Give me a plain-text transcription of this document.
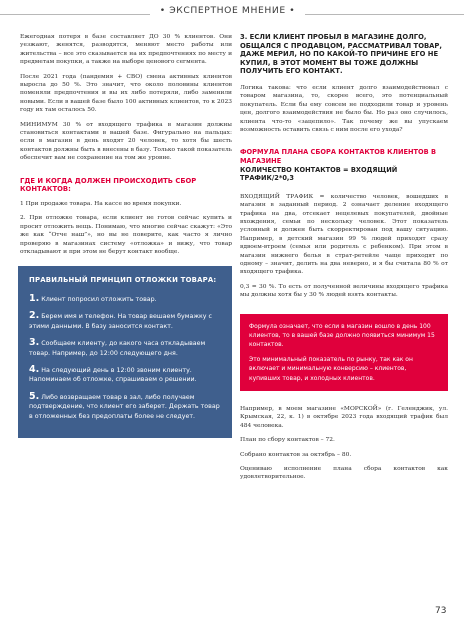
• ЭКСПЕРТНОЕ МНЕНИЕ •

Ежегодная потеря в базе составляет ДО 30 % клиентов. Они уезжают, женятся, разводятся, меняют место работы или жительства – все это сказывается на их предпочтениях по месту и предметам покупки, а также на выборе ценового сегмента.

После 2021 года (пандемия + СВО) смена активных клиентов выросла до 50 %. Это значит, что около половины клиентов поменяли предпочтения и вы их либо потеряли, либо заменили новыми. Если в вашей базе было 100 активных клиентов, то к 2023 году их там осталось 50.

МИНИМУМ 30 % от входящего трафика в магазин должны становиться контактами в вашей базе. Фигурально на пальцах: если в магазин в день входят 20 человек, то хотя бы шесть контактов должны быть в внесены в базу. Только такой показатель обеспечит вам не сохранение на том же уровне.

ГДЕ И КОГДА ДОЛЖЕН ПРОИСХОДИТЬ СБОР КОНТАКТОВ:

1 При продаже товара. На кассе во время покупки.

2. При отложке товара, если клиент не готов сейчас купить и просит отложить вещь. Понимаю, что многие сейчас скажут: «Это же как “Отче наш”», но вы не поверите, как часто я лично проверяю в магазинах систему «отложка» и вижу, что товар откладывают и при этом не берут контакт вообще.

ПРАВИЛЬНЫЙ ПРИНЦИП ОТЛОЖКИ ТОВАРА:
1. Клиент попросил отложить товар.
2. Берем имя и телефон. На товар вешаем бумажку с этими данными. В базу заносится контакт.
3. Сообщаем клиенту, до какого часа откладываем товар. Например, до 12:00 следующего дня.
4. На следующий день в 12:00 звоним клиенту. Напоминаем об отложке, спрашиваем о решении.
5. Либо возвращаем товар в зал, либо получаем подтверждение, что клиент его заберет. Держать товар в отложенных без предоплаты более не следует.
3. ЕСЛИ КЛИЕНТ ПРОБЫЛ В МАГАЗИНЕ ДОЛГО, ОБЩАЛСЯ С ПРОДАВЦОМ, РАССМАТРИВАЛ ТОВАР, ДАЖЕ МЕРИЛ, НО ПО КАКОЙ-ТО ПРИЧИНЕ ЕГО НЕ КУПИЛ, В ЭТОТ МОМЕНТ ВЫ ТОЖЕ ДОЛЖНЫ ПОЛУЧИТЬ ЕГО КОНТАКТ.

Логика такова: что если клиент долго взаимодействовал с товаром магазина, то, скорее всего, это потенциальный покупатель. Если бы ему совсем не подходили товар и уровень цен, долгого взаимодействия не было бы. Но раз оно случилось, клиента что-то «зацепило». Так почему же вы упускаем возможность оставить связь с ним после его ухода?

ФОРМУЛА ПЛАНА СБОРА КОНТАКТОВ КЛИЕНТОВ В МАГАЗИНЕ
КОЛИЧЕСТВО КОНТАКТОВ = ВХОДЯЩИЙ ТРАФИК/2*0,3

ВХОДЯЩИЙ ТРАФИК = количество человек, вошедших в магазин в заданный период. 2 означает деление входящего трафика на два, отсекает нецелевых покупателей, двойные вхождения, семьи по нескольку человек. Этот показатель условный и должен быть скорректирован под вашу ситуацию. Например, в детский магазин 99 % людей приходят сразу вдвоем-втроем (семья или родитель с ребенком). При этом в магазин нижнего белья в страт-ретейле чаще приходят по одному – значит, делить на два неверно, и я бы считала 80 % от входящего трафика.

0,3 = 30 %. То есть от полученной величины входящего трафика мы должны хотя бы у 30 % людей взять контакты.

Формула означает, что если в магазин вошло в день 100 клиентов, то в вашей базе должно появиться минимум 15 контактов.

Это минимальный показатель по рынку, так как он включает и минимальную конверсию – клиентов, купивших товар, и холодных клиентов.

Например, в моем магазине «МОРСКОЙ» (г. Геленджик, ул. Крымская, 22, к. 1) в октябре 2023 года входящий трафик был 484 человека.

План по сбору контактов – 72.

Собрано контактов за октябрь – 80.

Оцениваю исполнение плана сбора контактов как удовлетворительное.

73
